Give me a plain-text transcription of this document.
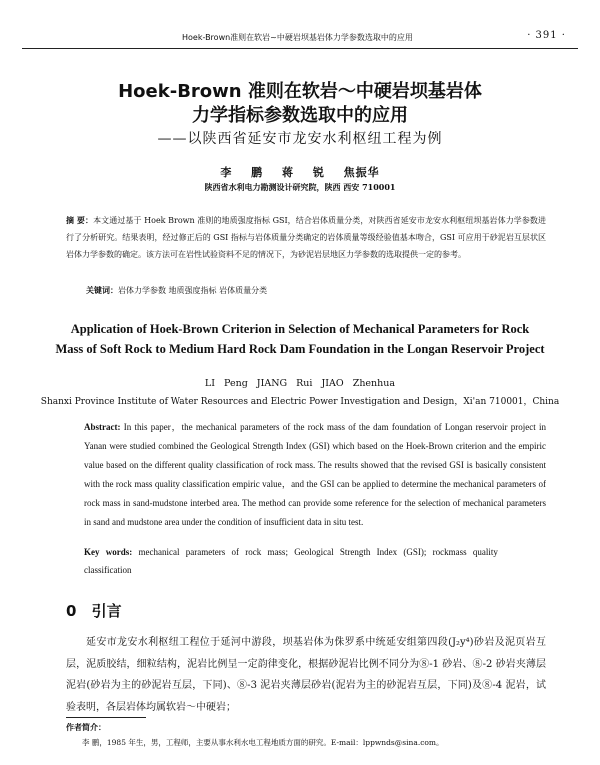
Hoek-Brown准则在软岩~中硬岩坝基岩体力学参数选取中的应用	· 391 ·
Hoek-Brown 准则在软岩～中硬岩坝基岩体
力学指标参数选取中的应用
——以陕西省延安市龙安水利枢纽工程为例
李 鹏 蒋 锐 焦振华
陕西省水利电力勘测设计研究院，陕西 西安 710001
摘 要：本文通过基于 Hoek Brown 准则的地质强度指标 GSI，结合岩体质量分类，对陕西省延安市龙安水利枢纽坝基岩体力学参数进行了分析研究。结果表明，经过修正后的 GSI 指标与岩体质量分类确定的岩体质量等级经验值基本吻合，GSI 可应用于砂泥岩互层状区岩体力学参数的确定。该方法可在岩性试验资料不足的情况下，为砂泥岩层地区力学参数的选取提供一定的参考。
关键词：岩体力学参数 地质强度指标 岩体质量分类
Application of Hoek-Brown Criterion in Selection of Mechanical Parameters for Rock
Mass of Soft Rock to Medium Hard Rock Dam Foundation in the Longan Reservoir Project
LI Peng JIANG Rui JIAO Zhenhua
Shanxi Province Institute of Water Resources and Electric Power Investigation and Design，Xi'an 710001，China
Abstract: In this paper，the mechanical parameters of the rock mass of the dam foundation of Longan reservoir project in Yanan were studied combined the Geological Strength Index (GSI) which based on the Hoek-Brown criterion and the empiric value based on the different quality classification of rock mass. The results showed that the revised GSI is basically consistent with the rock mass quality classification empiric value，and the GSI can be applied to determine the mechanical parameters of rock mass in sand-mudstone interbed area. The method can provide some reference for the selection of mechanical parameters in sand and mudstone area under the condition of insufficient data in situ test.
Key words: mechanical parameters of rock mass; Geological Strength Index (GSI); rockmass quality classification
0 引言
延安市龙安水利枢纽工程位于延河中游段，坝基岩体为侏罗系中统延安组第四段(J₂y⁴)砂岩及泥页岩互层，泥质胶结，细粒结构，泥岩比例呈一定韵律变化，根据砂泥岩比例不同分为⑧-1 砂岩、⑧-2 砂岩夹薄层泥岩(砂岩为主的砂泥岩互层，下同)、⑧-3 泥岩夹薄层砂岩(泥岩为主的砂泥岩互层，下同)及⑧-4 泥岩，试验表明，各层岩体均属软岩～中硬岩；
作者简介：
李 鹏，1985 年生，男，工程师，主要从事水利水电工程地质方面的研究。E-mail：lppwnds@sina.com。
